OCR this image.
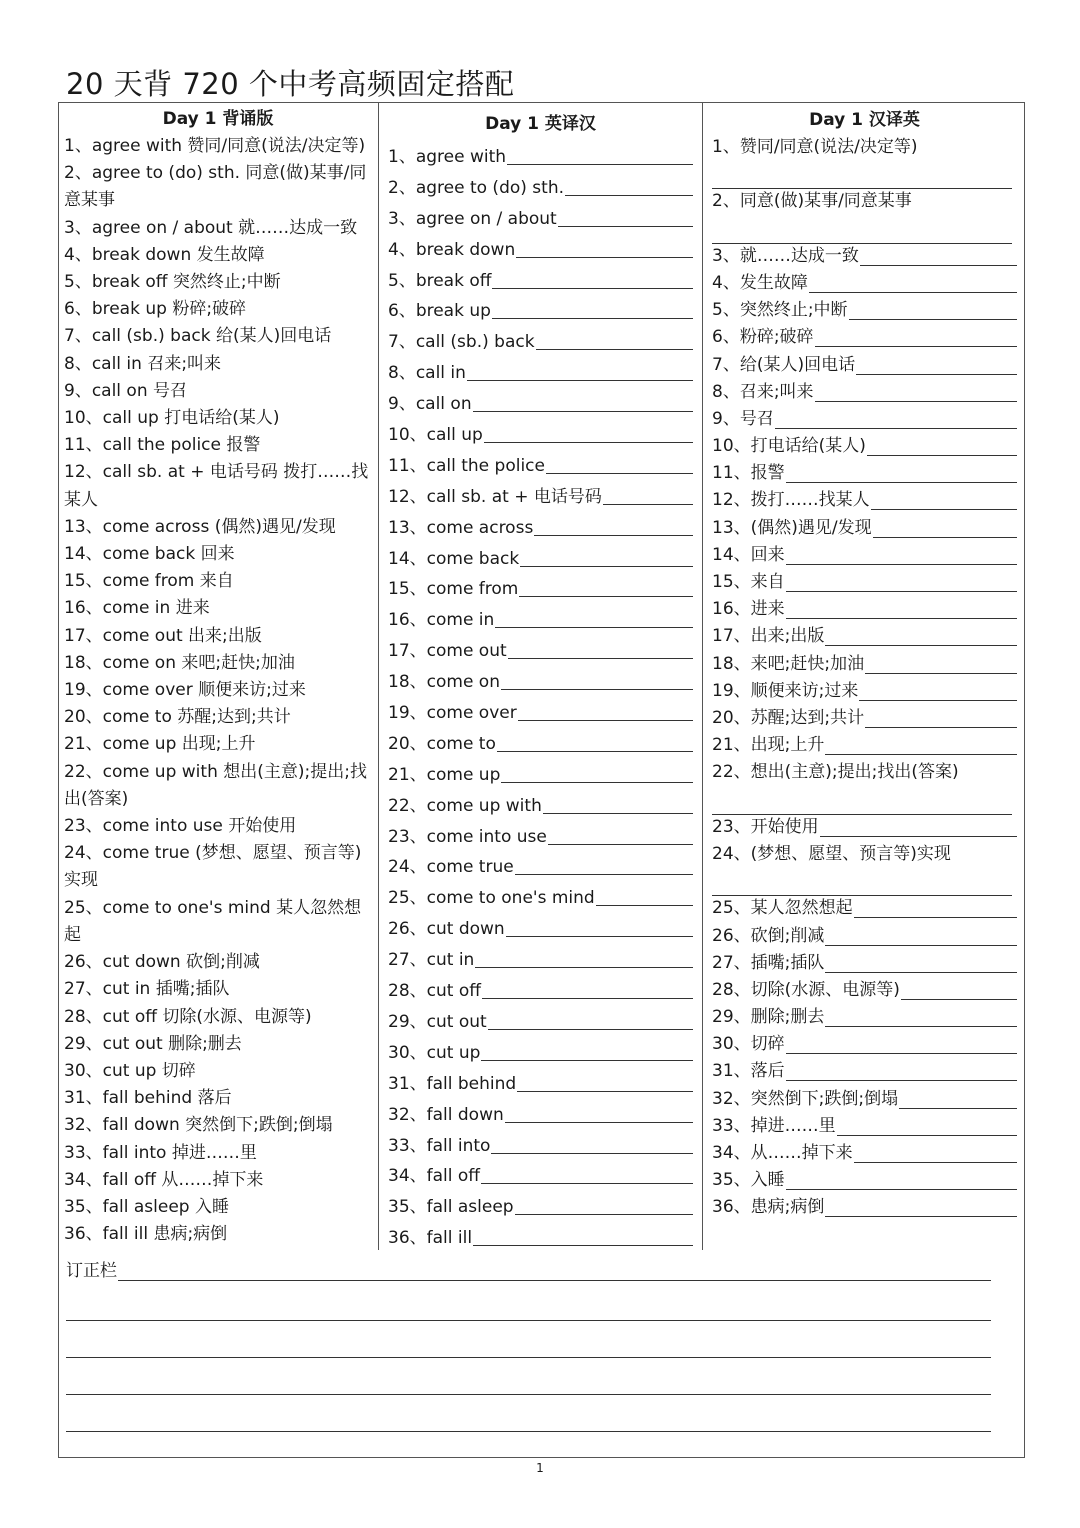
20 天背 720 个中考高频固定搭配
Day 1 背诵版
1、agree with 赞同/同意(说法/决定等)
2、agree to (do) sth. 同意(做)某事/同意某事
3、agree on / about 就……达成一致
4、break down 发生故障
5、break off 突然终止;中断
6、break up 粉碎;破碎
7、call (sb.) back 给(某人)回电话
8、call in 召来;叫来
9、call on 号召
10、call up 打电话给(某人)
11、call the police 报警
12、call sb. at + 电话号码 拨打……找某人
13、come across (偶然)遇见/发现
14、come back 回来
15、come from 来自
16、come in 进来
17、come out 出来;出版
18、come on 来吧;赶快;加油
19、come over 顺便来访;过来
20、come to 苏醒;达到;共计
21、come up 出现;上升
22、come up with 想出(主意);提出;找出(答案)
23、come into use 开始使用
24、come true (梦想、愿望、预言等)实现
25、come to one's mind 某人忽然想起
26、cut down 砍倒;削减
27、cut in 插嘴;插队
28、cut off 切除(水源、电源等)
29、cut out 删除;删去
30、cut up 切碎
31、fall behind 落后
32、fall down 突然倒下;跌倒;倒塌
33、fall into 掉进……里
34、fall off 从……掉下来
35、fall asleep 入睡
36、fall ill 患病;病倒
Day 1 英译汉
1、agree with
2、agree to (do) sth.
3、agree on / about
4、break down
5、break off
6、break up
7、call (sb.) back
8、call in
9、call on
10、call up
11、call the police
12、call sb. at + 电话号码
13、come across
14、come back
15、come from
16、come in
17、come out
18、come on
19、come over
20、come to
21、come up
22、come up with
23、come into use
24、come true
25、come to one's mind
26、cut down
27、cut in
28、cut off
29、cut out
30、cut up
31、fall behind
32、fall down
33、fall into
34、fall off
35、fall asleep
36、fall ill
Day 1 汉译英
1、赞同/同意(说法/决定等)
2、同意(做)某事/同意某事
3、就……达成一致
4、发生故障
5、突然终止;中断
6、粉碎;破碎
7、给(某人)回电话
8、召来;叫来
9、号召
10、打电话给(某人)
11、报警
12、拨打……找某人
13、(偶然)遇见/发现
14、回来
15、来自
16、进来
17、出来;出版
18、来吧;赶快;加油
19、顺便来访;过来
20、苏醒;达到;共计
21、出现;上升
22、想出(主意);提出;找出(答案)
23、开始使用
24、(梦想、愿望、预言等)实现
25、某人忽然想起
26、砍倒;削减
27、插嘴;插队
28、切除(水源、电源等)
29、删除;删去
30、切碎
31、落后
32、突然倒下;跌倒;倒塌
33、掉进……里
34、从……掉下来
35、入睡
36、患病;病倒
订正栏
1
